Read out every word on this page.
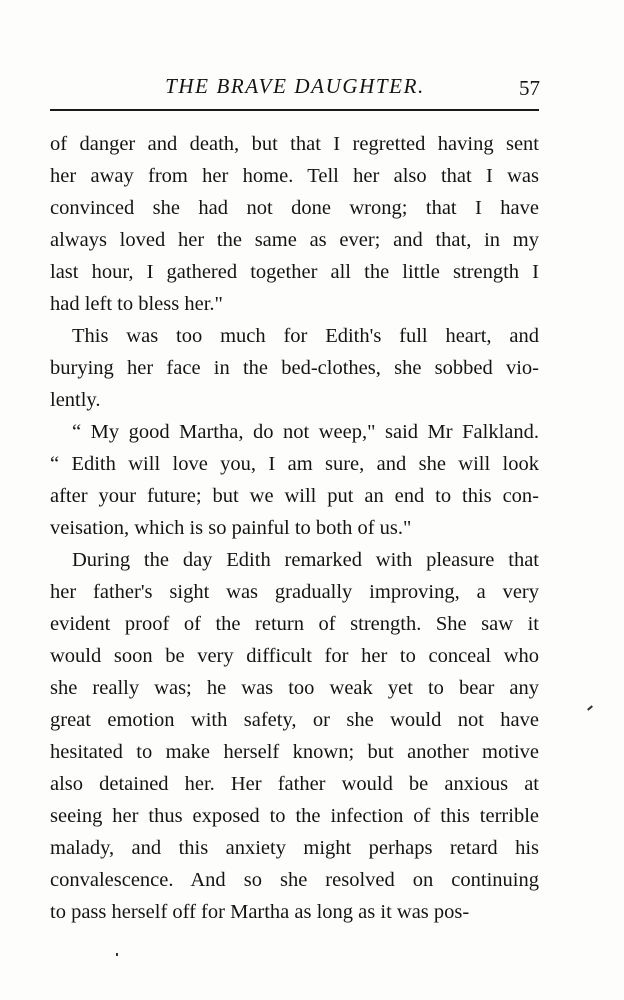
THE BRAVE DAUGHTER.	57
of danger and death, but that I regretted having sent
her away from her home. Tell her also that I was
convinced she had not done wrong; that I have
always loved her the same as ever; and that, in my
last hour, I gathered together all the little strength I
had left to bless her."
This was too much for Edith's full heart, and
burying her face in the bed-clothes, she sobbed vio-
lently.
“ My good Martha, do not weep," said Mr Falkland.
“ Edith will love you, I am sure, and she will look
after your future; but we will put an end to this con-
veisation, which is so painful to both of us."
During the day Edith remarked with pleasure that
her father's sight was gradually improving, a very
evident proof of the return of strength. She saw it
would soon be very difficult for her to conceal who
she really was; he was too weak yet to bear any
great emotion with safety, or she would not have
hesitated to make herself known; but another motive
also detained her. Her father would be anxious at
seeing her thus exposed to the infection of this terrible
malady, and this anxiety might perhaps retard his
convalescence. And so she resolved on continuing
to pass herself off for Martha as long as it was pos-
